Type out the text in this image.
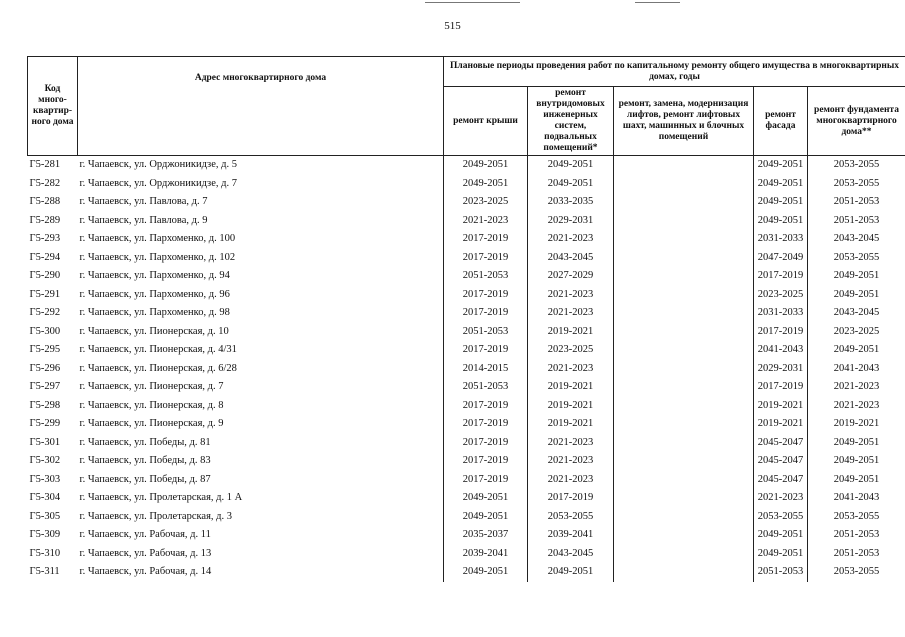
515
Код много-квартир-ного дома	Адрес многоквартирного дома	Плановые периоды проведения работ по капитальному ремонту общего имущества в многоквартирных домах, годы				
		ремонт крыши	ремонт внутридомовых инженерных систем, подвальных помещений*	ремонт, замена, модернизация лифтов, ремонт лифтовых шахт, машинных и блочных помещений	ремонт фасада	ремонт фундамента многоквартирного дома**
Г5-281	г. Чапаевск, ул. Орджоникидзе, д. 5	2049-2051	2049-2051		2049-2051	2053-2055
Г5-282	г. Чапаевск, ул. Орджоникидзе, д. 7	2049-2051	2049-2051		2049-2051	2053-2055
Г5-288	г. Чапаевск, ул. Павлова, д. 7	2023-2025	2033-2035		2049-2051	2051-2053
Г5-289	г. Чапаевск, ул. Павлова, д. 9	2021-2023	2029-2031		2049-2051	2051-2053
Г5-293	г. Чапаевск, ул. Пархоменко, д. 100	2017-2019	2021-2023		2031-2033	2043-2045
Г5-294	г. Чапаевск, ул. Пархоменко, д. 102	2017-2019	2043-2045		2047-2049	2053-2055
Г5-290	г. Чапаевск, ул. Пархоменко, д. 94	2051-2053	2027-2029		2017-2019	2049-2051
Г5-291	г. Чапаевск, ул. Пархоменко, д. 96	2017-2019	2021-2023		2023-2025	2049-2051
Г5-292	г. Чапаевск, ул. Пархоменко, д. 98	2017-2019	2021-2023		2031-2033	2043-2045
Г5-300	г. Чапаевск, ул. Пионерская, д. 10	2051-2053	2019-2021		2017-2019	2023-2025
Г5-295	г. Чапаевск, ул. Пионерская, д. 4/31	2017-2019	2023-2025		2041-2043	2049-2051
Г5-296	г. Чапаевск, ул. Пионерская, д. 6/28	2014-2015	2021-2023		2029-2031	2041-2043
Г5-297	г. Чапаевск, ул. Пионерская, д. 7	2051-2053	2019-2021		2017-2019	2021-2023
Г5-298	г. Чапаевск, ул. Пионерская, д. 8	2017-2019	2019-2021		2019-2021	2021-2023
Г5-299	г. Чапаевск, ул. Пионерская, д. 9	2017-2019	2019-2021		2019-2021	2019-2021
Г5-301	г. Чапаевск, ул. Победы, д. 81	2017-2019	2021-2023		2045-2047	2049-2051
Г5-302	г. Чапаевск, ул. Победы, д. 83	2017-2019	2021-2023		2045-2047	2049-2051
Г5-303	г. Чапаевск, ул. Победы, д. 87	2017-2019	2021-2023		2045-2047	2049-2051
Г5-304	г. Чапаевск, ул. Пролетарская, д. 1 А	2049-2051	2017-2019		2021-2023	2041-2043
Г5-305	г. Чапаевск, ул. Пролетарская, д. 3	2049-2051	2053-2055		2053-2055	2053-2055
Г5-309	г. Чапаевск, ул. Рабочая, д. 11	2035-2037	2039-2041		2049-2051	2051-2053
Г5-310	г. Чапаевск, ул. Рабочая, д. 13	2039-2041	2043-2045		2049-2051	2051-2053
Г5-311	г. Чапаевск, ул. Рабочая, д. 14	2049-2051	2049-2051		2051-2053	2053-2055
